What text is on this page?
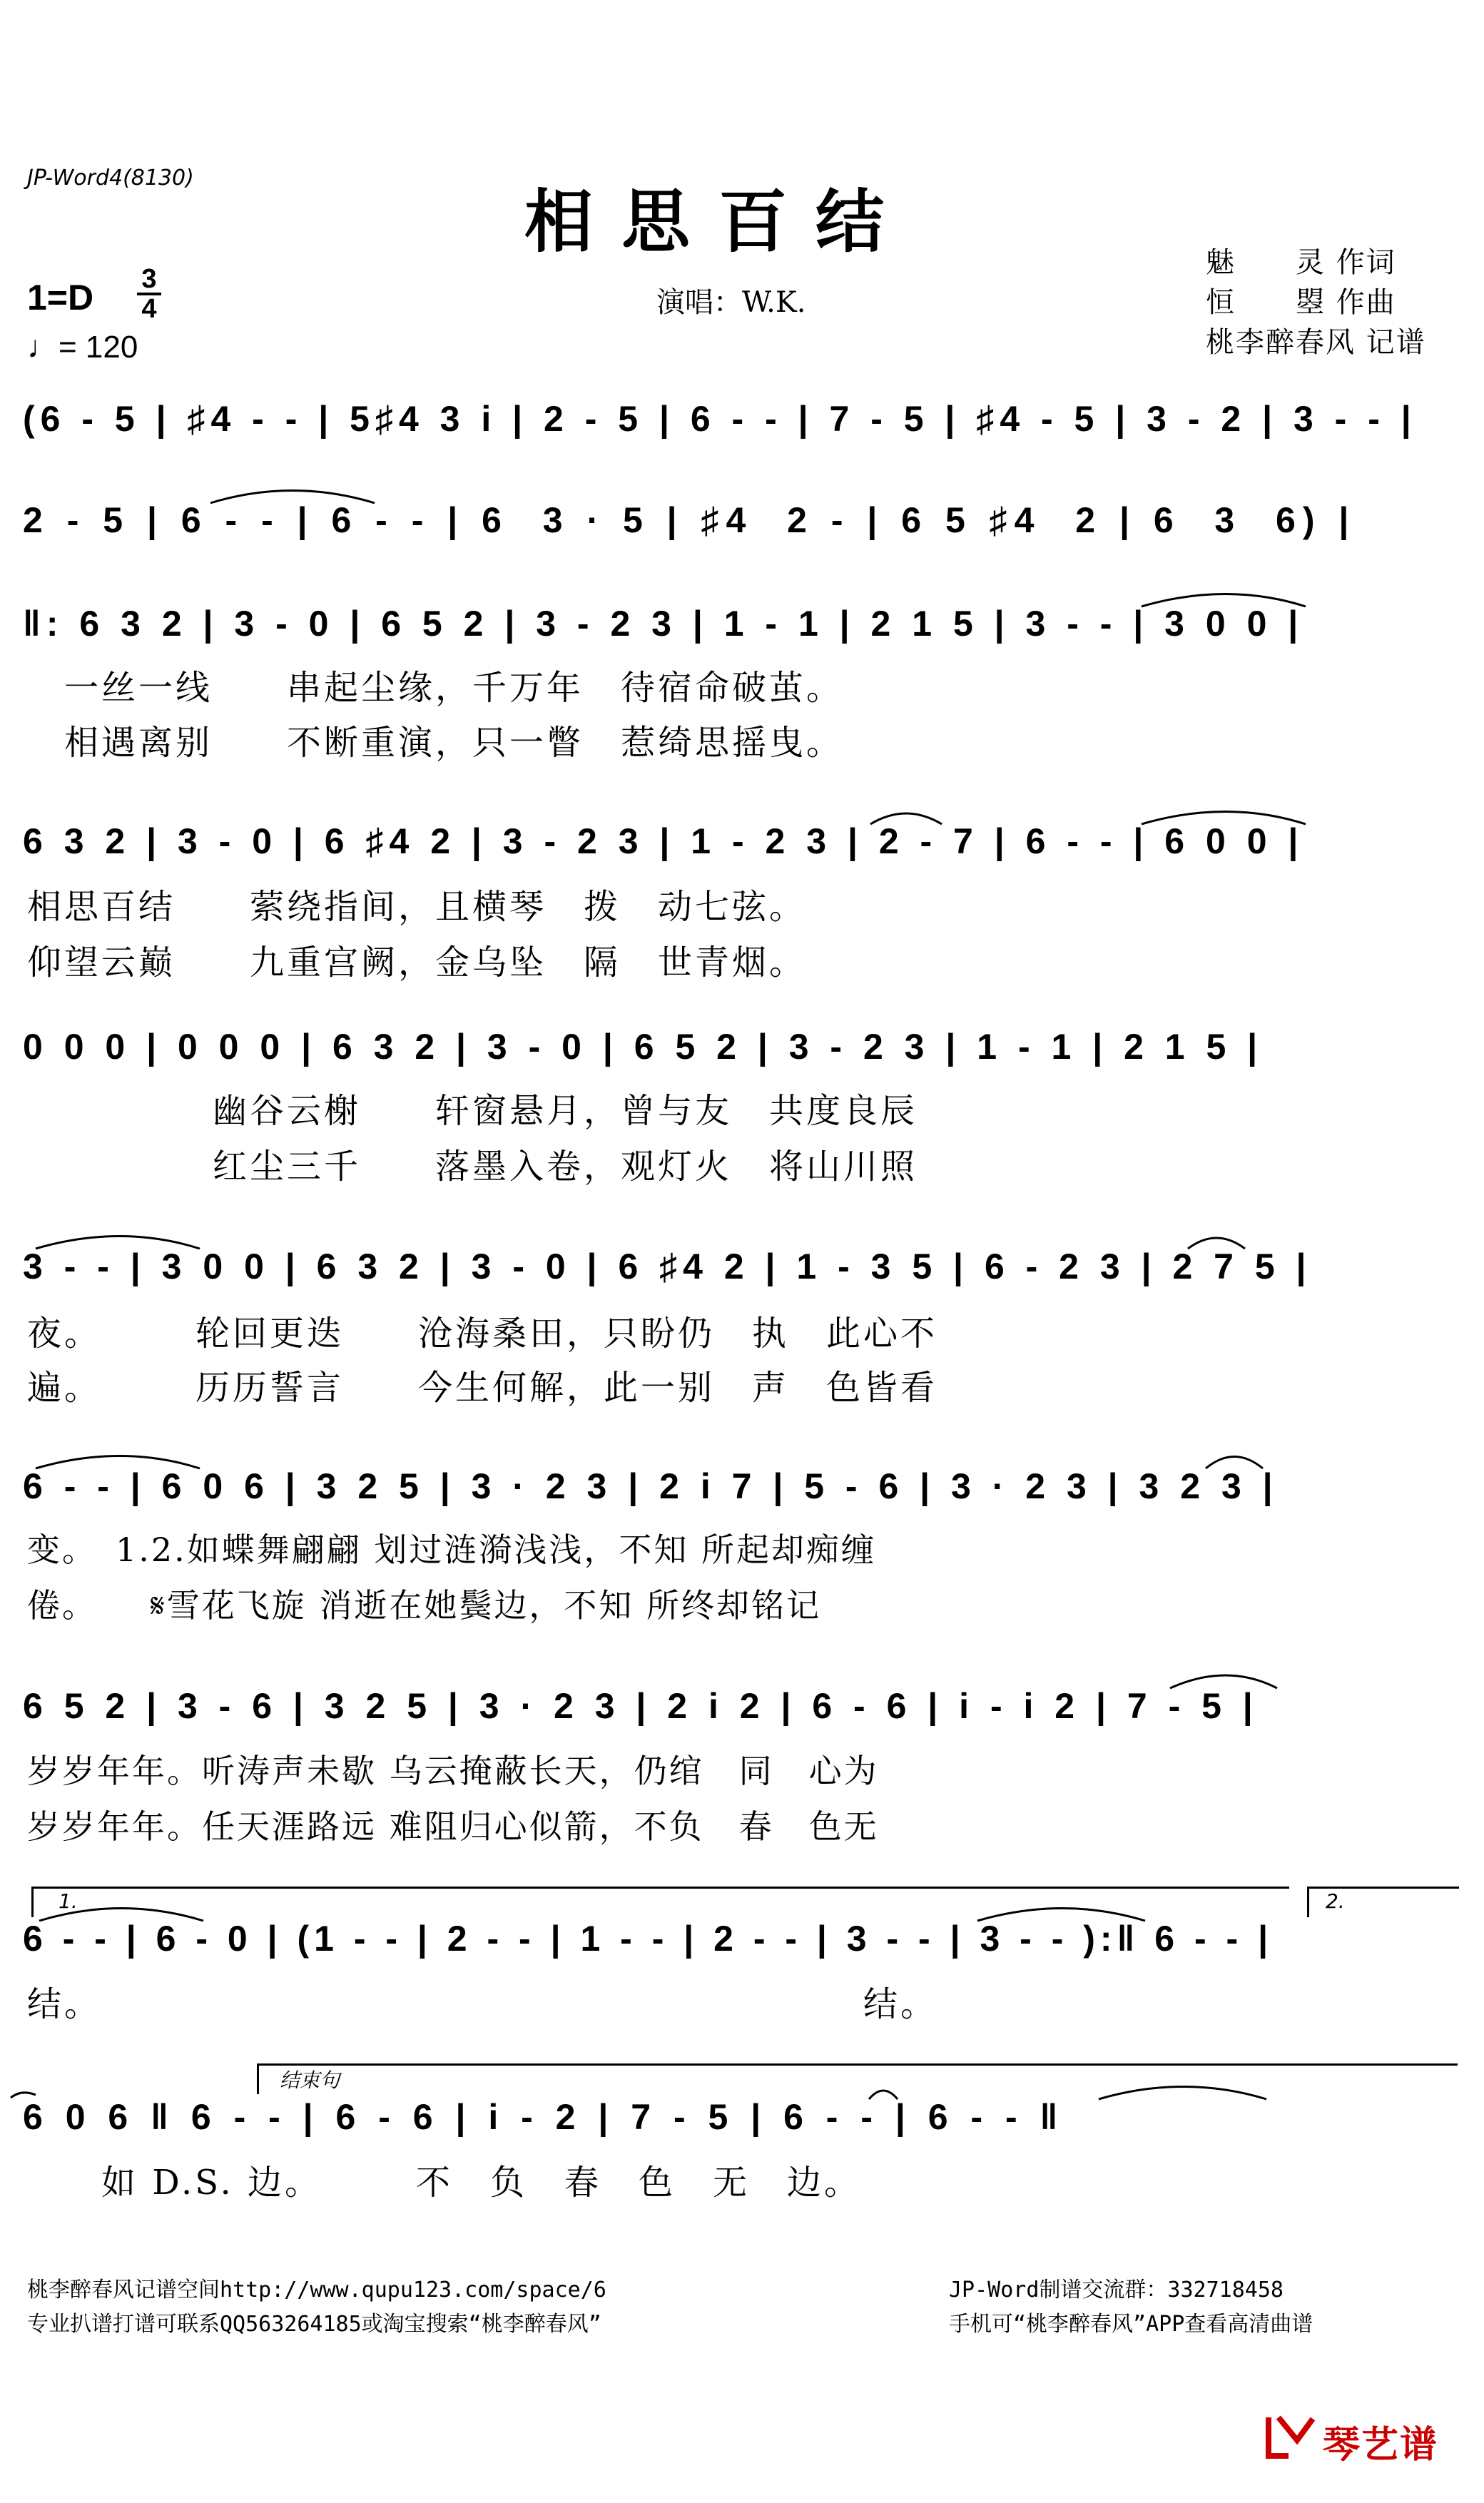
JP-Word4(8130)
相思百结
1=D 3
4
♩= 120
演唱：W.K.
魅　　灵 作词
恒　　曌 作曲
桃李醉春风 记谱
(6 - 5 | ♯4 - - | 5♯4 3 i | 2 - 5 | 6 - - | 7 - 5 | ♯4 - 5 | 3 - 2 | 3 - - |
2 - 5 | 6 - - | 6 - - | 6  3 · 5 | ♯4  2 - | 6 5 ♯4  2 | 6  3  6) |
‖: 6 3 2 | 3 - 0 | 6 5 2 | 3 - 2 3 | 1 - 1 | 2 1 5 | 3 - - | 3 0 0 |
一丝一线　　串起尘缘，千万年　待宿命破茧。
相遇离别　　不断重演，只一瞥　惹绮思摇曳。
6 3 2 | 3 - 0 | 6 ♯4 2 | 3 - 2 3 | 1 - 2 3 | 2 - 7 | 6 - - | 6 0 0 |
相思百结　　萦绕指间，且横琴　拨　动七弦。
仰望云巅　　九重宫阙，金乌坠　隔　世青烟。
0 0 0 | 0 0 0 | 6 3 2 | 3 - 0 | 6 5 2 | 3 - 2 3 | 1 - 1 | 2 1 5 |
　　　　　幽谷云榭　　轩窗悬月，曾与友　共度良辰
　　　　　红尘三千　　落墨入卷，观灯火　将山川照
3 - - | 3 0 0 | 6 3 2 | 3 - 0 | 6 ♯4 2 | 1 - 3 5 | 6 - 2 3 | 2 7 5 |
夜。　　　轮回更迭　　沧海桑田，只盼仍　执　此心不
遍。　　　历历誓言　　今生何解，此一别　声　色皆看
6 - - | 6 0 6 | 3 2 5 | 3 · 2 3 | 2 i 7 | 5 - 6 | 3 · 2 3 | 3 2 3 |
变。　1.2.如蝶舞翩翩 划过涟漪浅浅，不知 所起却痴缠
倦。　　𝄋雪花飞旋 消逝在她鬓边，不知 所终却铭记
6 5 2 | 3 - 6 | 3 2 5 | 3 · 2 3 | 2 i 2 | 6 - 6 | i - i 2 | 7 - 5 |
岁岁年年。听涛声未歇 乌云掩蔽长天，仍绾　同　心为
岁岁年年。任天涯路远 难阻归心似箭，不负　春　色无
1.	2.
6 - - | 6 - 0 | (1 - - | 2 - - | 1 - - | 2 - - | 3 - - | 3 - - ):‖ 6 - - |
结。　　　　　　　　　　　　　　　　　　　　　结。
结束句
6 0 6 ‖ 6 - - | 6 - 6 | i - 2 | 7 - 5 | 6 - - | 6 - - ‖
　　如 D.S. 边。　　　不　负　春　色　无　边。
桃李醉春风记谱空间http://www.qupu123.com/space/6
专业扒谱打谱可联系QQ563264185或淘宝搜索“桃李醉春风”
JP-Word制谱交流群：332718458
手机可“桃李醉春风”APP查看高清曲谱
琴艺谱
